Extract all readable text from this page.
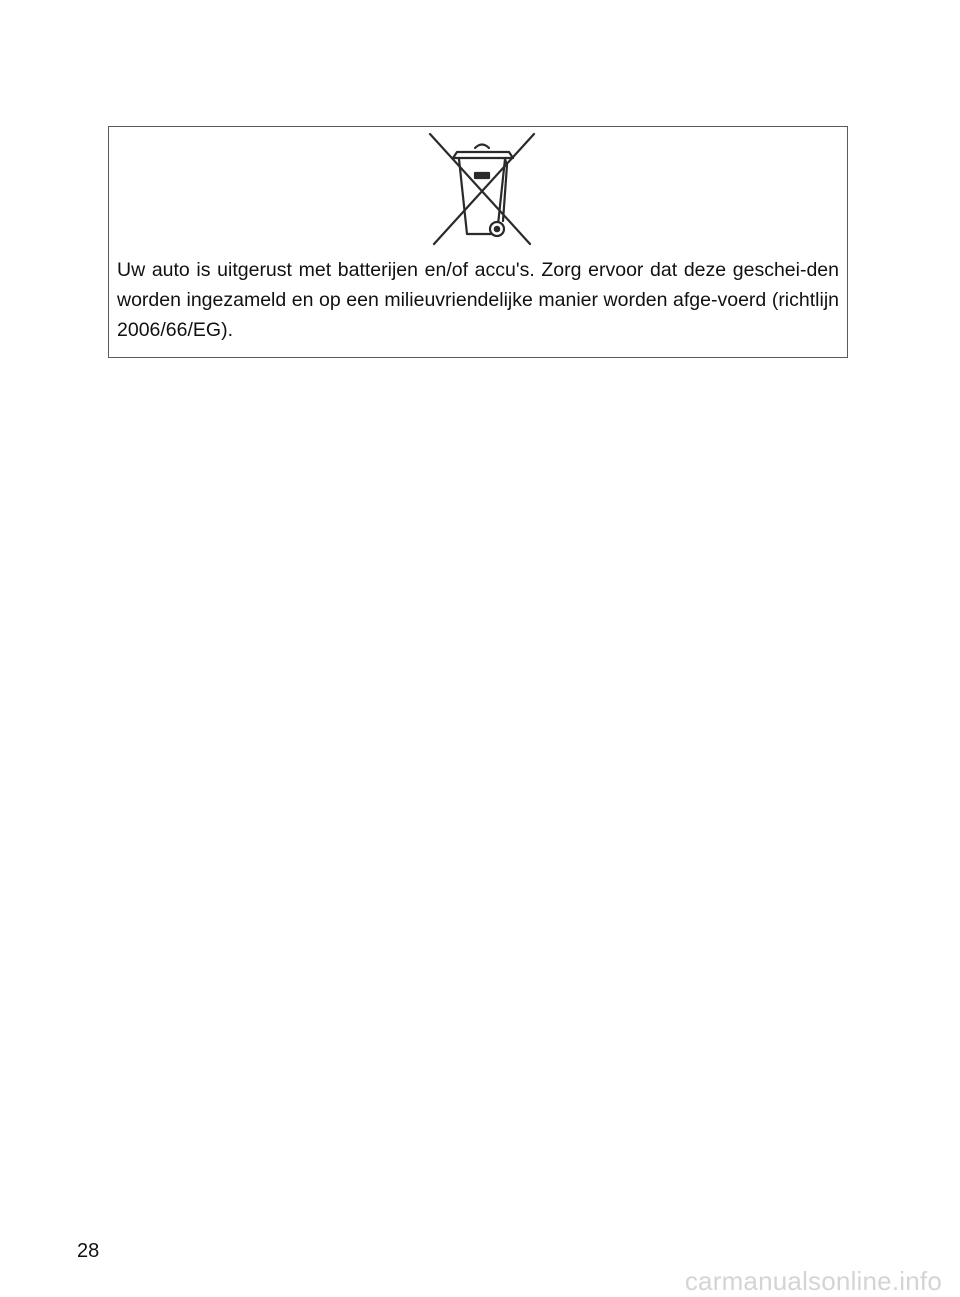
Uw auto is uitgerust met batterijen en/of accu's. Zorg ervoor dat deze geschei-den worden ingezameld en op een milieuvriendelijke manier worden afge-voerd (richtlijn 2006/66/EG).

28
carmanualsonline.info
